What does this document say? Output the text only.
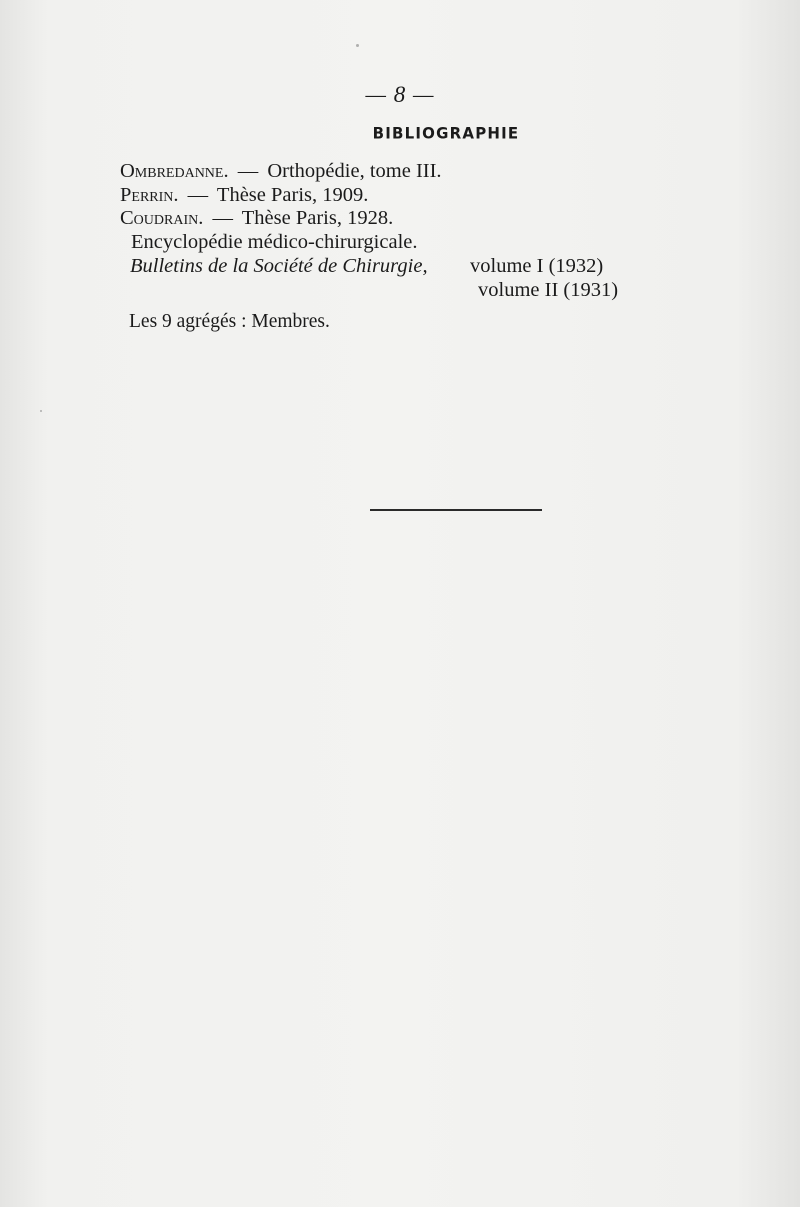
— 8 —
BIBLIOGRAPHIE
Ombredanne. — Orthopédie, tome III.
Perrin. — Thèse Paris, 1909.
Coudrain. — Thèse Paris, 1928.
Encyclopédie médico-chirurgicale.
Bulletins de la Société de Chirurgie, volume I (1932)
volume II (1931)
Les 9 agrégés : Membres.
